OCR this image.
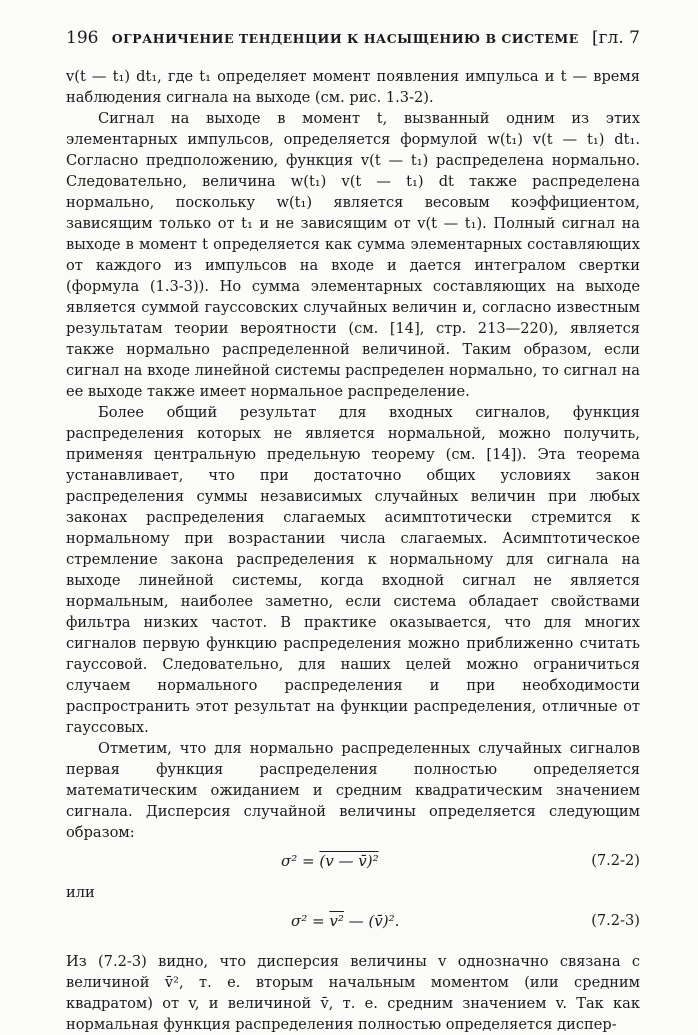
196 ОГРАНИЧЕНИЕ ТЕНДЕНЦИИ К НАСЫЩЕНИЮ В СИСТЕМЕ [гл. 7

v(t — t₁) dt₁, где t₁ определяет момент появления импульса и t — время наблюдения сигнала на выходе (см. рис. 1.3-2).

Сигнал на выходе в момент t, вызванный одним из этих элементарных импульсов, определяется формулой w(t₁) v(t — t₁) dt₁. Согласно предположению, функция v(t — t₁) распределена нормально. Следовательно, величина w(t₁) v(t — t₁) dt также распределена нормально, поскольку w(t₁) является весовым коэффициентом, зависящим только от t₁ и не зависящим от v(t — t₁). Полный сигнал на выходе в момент t определяется как сумма элементарных составляющих от каждого из импульсов на входе и дается интегралом свертки (формула (1.3-3)). Но сумма элементарных составляющих на выходе является суммой гауссовских случайных величин и, согласно известным результатам теории вероятности (см. [14], стр. 213—220), является также нормально распределенной величиной. Таким образом, если сигнал на входе линейной системы распределен нормально, то сигнал на ее выходе также имеет нормальное распределение.

Более общий результат для входных сигналов, функция распределения которых не является нормальной, можно получить, применяя центральную предельную теорему (см. [14]). Эта теорема устанавливает, что при достаточно общих условиях закон распределения суммы независимых случайных величин при любых законах распределения слагаемых асимптотически стремится к нормальному при возрастании числа слагаемых. Асимптотическое стремление закона распределения к нормальному для сигнала на выходе линейной системы, когда входной сигнал не является нормальным, наиболее заметно, если система обладает свойствами фильтра низких частот. В практике оказывается, что для многих сигналов первую функцию распределения можно приближенно считать гауссовой. Следовательно, для наших целей можно ограничиться случаем нормального распределения и при необходимости распространить этот результат на функции распределения, отличные от гауссовых.

Отметим, что для нормально распределенных случайных сигналов первая функция распределения полностью определяется математическим ожиданием и средним квадратическим значением сигнала. Дисперсия случайной величины определяется следующим образом:

σ² = (v — v̄)²	(7.2-2)
или
σ² = v² — (v̄)².	(7.2-3)

Из (7.2-3) видно, что дисперсия величины v однозначно связана с величиной v̄², т. е. вторым начальным моментом (или средним квадратом) от v, и величиной v̄, т. е. средним значением v. Так как нормальная функция распределения полностью определяется диспер-
